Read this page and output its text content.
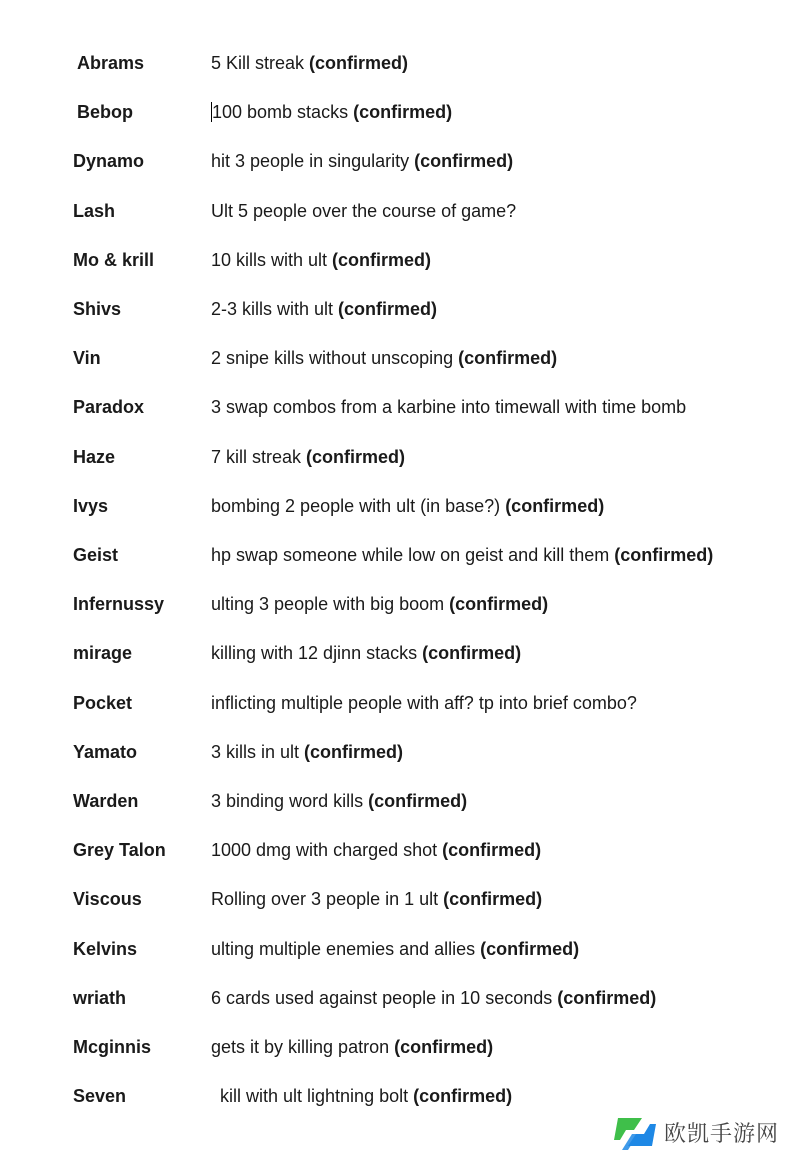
Abrams	5 Kill streak (confirmed)
Bebop	100 bomb stacks (confirmed)
Dynamo	hit 3 people in singularity (confirmed)
Lash	Ult 5 people over the course of game?
Mo & krill	10 kills with ult (confirmed)
Shivs	2-3 kills with ult (confirmed)
Vin	2 snipe kills without unscoping (confirmed)
Paradox	3 swap combos from a karbine into timewall with time bomb
Haze	7 kill streak (confirmed)
Ivys	bombing 2 people with ult (in base?) (confirmed)
Geist	hp swap someone while low on geist and kill them (confirmed)
Infernussy	ulting 3 people with big boom (confirmed)
mirage	killing with 12 djinn stacks (confirmed)
Pocket	inflicting multiple people with aff? tp into brief combo?
Yamato	3 kills in ult (confirmed)
Warden	3 binding word kills (confirmed)
Grey Talon	1000 dmg with charged shot (confirmed)
Viscous	Rolling over 3 people in 1 ult (confirmed)
Kelvins	ulting multiple enemies and allies (confirmed)
wriath	6 cards used against people in 10 seconds (confirmed)
Mcginnis	gets it by killing patron (confirmed)
Seven	kill with ult lightning bolt (confirmed)
欧凯手游网
